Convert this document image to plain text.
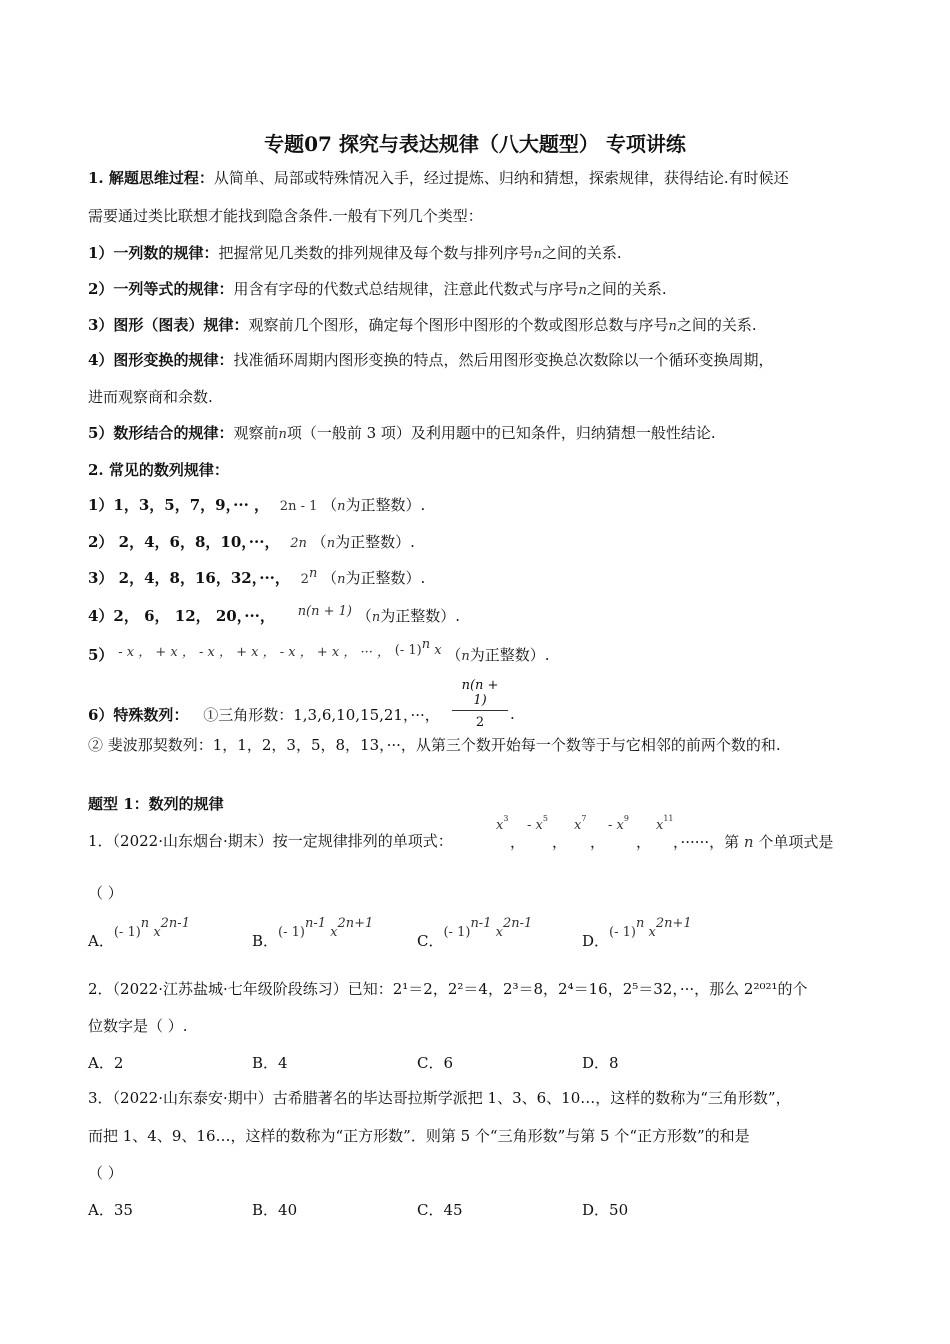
专题07 探究与表达规律（八大题型） 专项讲练
1. 解题思维过程：从简单、局部或特殊情况入手，经过提炼、归纳和猜想，探索规律，获得结论.有时候还
需要通过类比联想才能找到隐含条件.一般有下列几个类型：
1）一列数的规律：把握常见几类数的排列规律及每个数与排列序号n之间的关系.
2）一列等式的规律：用含有字母的代数式总结规律，注意此代数式与序号n之间的关系.
3）图形（图表）规律：观察前几个图形，确定每个图形中图形的个数或图形总数与序号n之间的关系.
4）图形变换的规律：找准循环周期内图形变换的特点，然后用图形变换总次数除以一个循环变换周期，
进而观察商和余数.
5）数形结合的规律：观察前n项（一般前 3 项）及利用题中的已知条件，归纳猜想一般性结论.
2. 常见的数列规律：
1）1，3，5，7，9，··· ， 2n - 1 （n为正整数）.
2） 2，4，6，8，10，···， 2n （n为正整数）.
3） 2，4，8，16，32，···， 2$^n$ （n为正整数）.
4）2， 6， 12， 20，···， n(n + 1) （n为正整数）.
5） - x ， + x ， - x ， + x ， - x ， + x ， ··· ， (- 1)$^n$ x （n为正整数）.
6）特殊数列： ①三角形数：1,3,6,10,15,21，···， $\frac{n(n + 1)}{2}$ .
② 斐波那契数列：1，1，2，3，5，8，13，···，从第三个数开始每一个数等于与它相邻的前两个数的和.
题型 1：数列的规律
1．（2022·山东烟台·期末）按一定规律排列的单项式：
$x^3$
，
- $x^5$
，
$x^7$
，
- $x^9$
，
$x^{11}$
，······，第 n 个单项式是
（ ）
A．(- 1)$^n$ $x^{2n-1}$
B．(- 1)$^{n-1}$ $x^{2n+1}$
C．(- 1)$^{n-1}$ $x^{2n-1}$
D．(- 1)$^n$ $x^{2n+1}$
2．（2022·江苏盐城·七年级阶段练习）已知：2¹＝2，2²＝4，2³＝8，2⁴＝16，2⁵＝32，···，那么 2²⁰²¹的个
位数字是（ ）.
A．2	B．4	C．6	D．8
3．（2022·山东泰安·期中）古希腊著名的毕达哥拉斯学派把 1、3、6、10…，这样的数称为“三角形数”，
而把 1、4、9、16…，这样的数称为“正方形数”．则第 5 个“三角形数”与第 5 个“正方形数”的和是
（ ）
A．35	B．40	C．45	D．50
